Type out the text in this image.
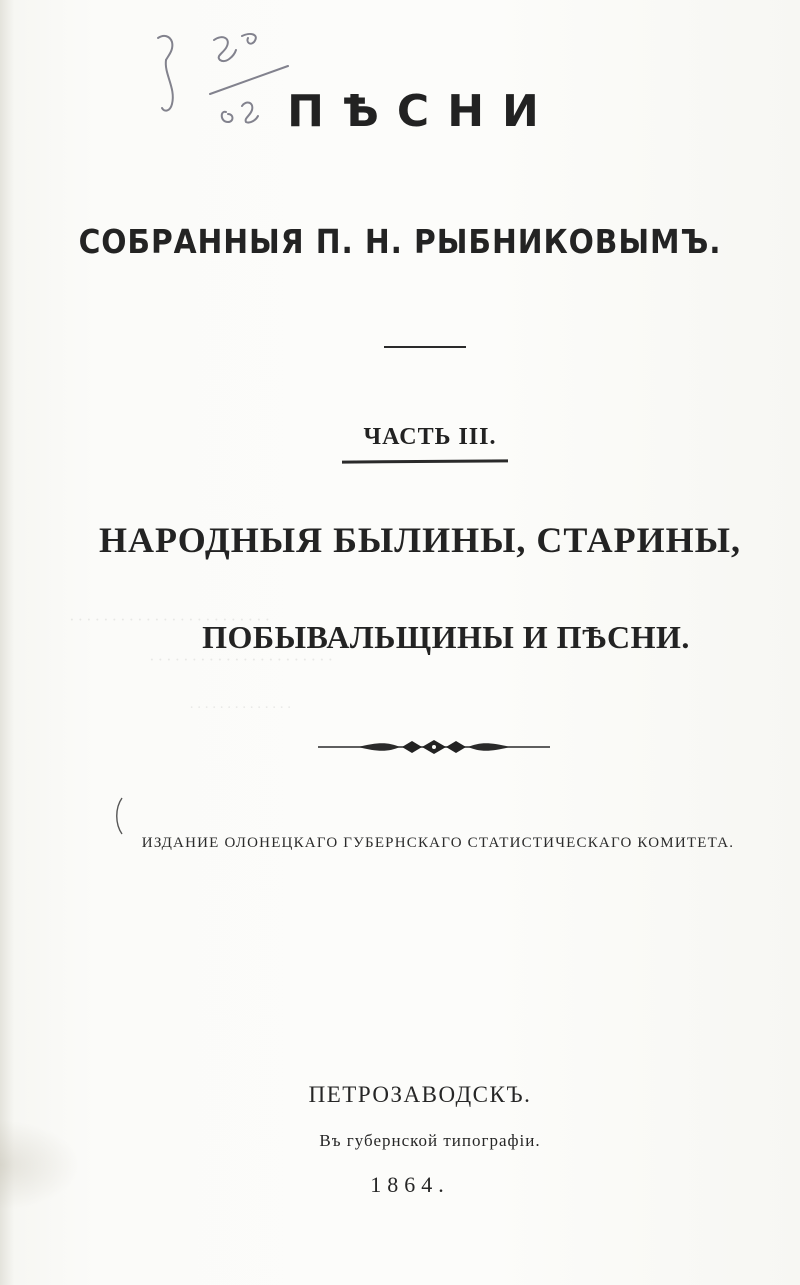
ПѢСНИ
СОБРАННЫЯ П. Н. РЫБНИКОВЫМЪ.
ЧАСТЬ III.
НАРОДНЫЯ БЫЛИНЫ, СТАРИНЫ,
ПОБЫВАЛЬЩИНЫ И ПѢСНИ.
· · · · · · · · · · · · · · · · · · · · · · · ·
· · · · · · · · · · · · · · · · · · · · · ·
· · · · · · · · · · · · · ·
ИЗДАНИЕ ОЛОНЕЦКАГО ГУБЕРНСКАГО СТАТИСТИЧЕСКАГО КОМИТЕТА.
ПЕТРОЗАВОДСКЪ.
Въ губернской типографіи.
1864.
